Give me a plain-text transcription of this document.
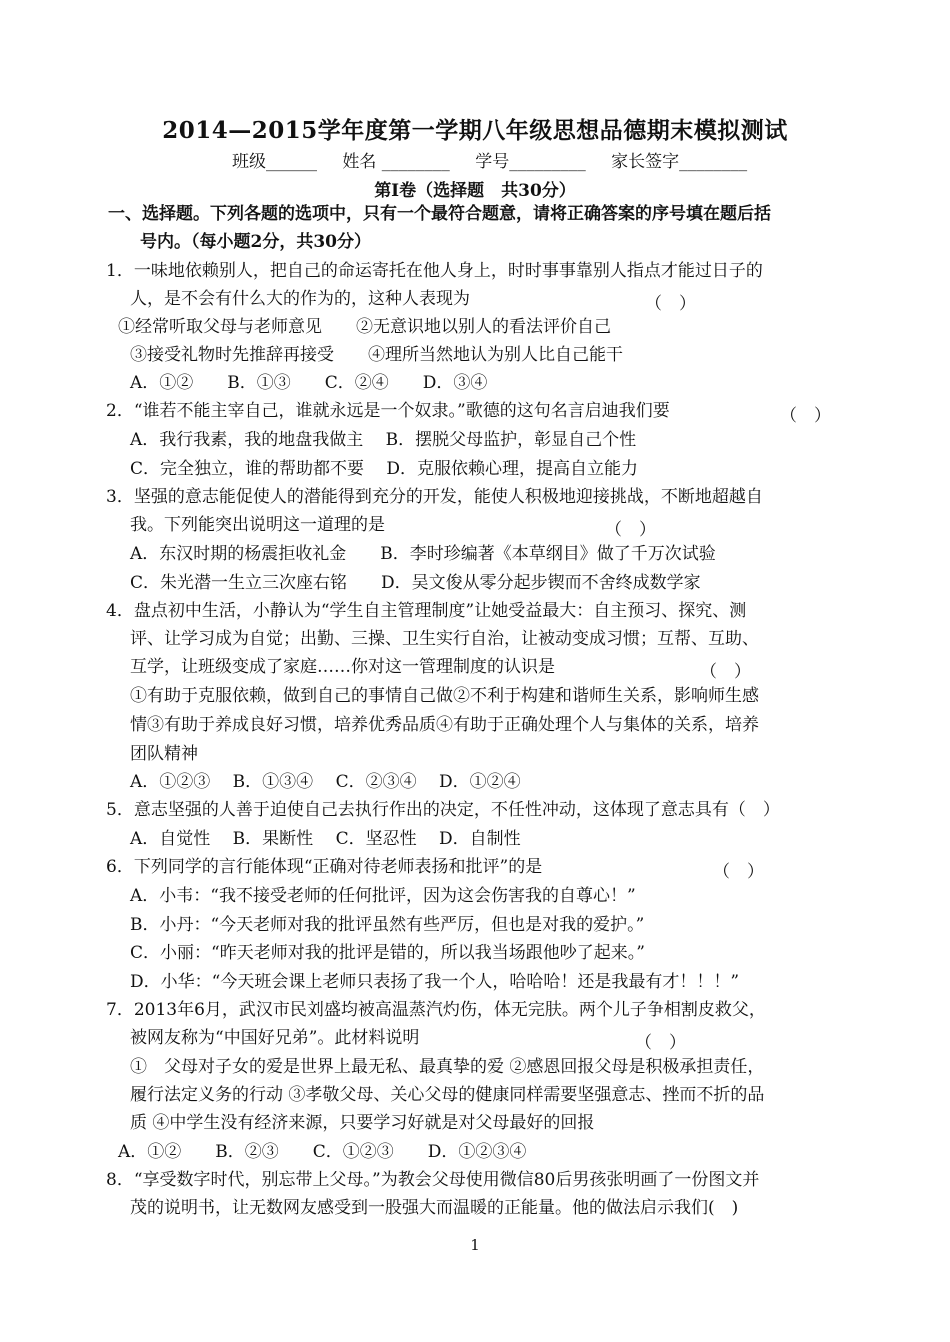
2014—2015学年度第一学期八年级思想品德期末模拟测试
班级______ 姓名 ________ 学号_________ 家长签字________
第Ⅰ卷（选择题　共30分）
一、选择题。下列各题的选项中，只有一个最符合题意，请将正确答案的序号填在题后括
号内。（每小题2分，共30分）
1．一味地依赖别人，把自己的命运寄托在他人身上，时时事事靠别人指点才能过日子的
人，是不会有什么大的作为的，这种人表现为	（　）
①经常听取父母与老师意见　　②无意识地以别人的看法评价自己
③接受礼物时先推辞再接受　　④理所当然地认为别人比自己能干
A．①②　　B．①③　　C．②④　　D．③④
2．“谁若不能主宰自己，谁就永远是一个奴隶。”歌德的这句名言启迪我们要	（　）
A．我行我素，我的地盘我做主　 B．摆脱父母监护，彰显自己个性
C．完全独立，谁的帮助都不要　 D．克服依赖心理，提高自立能力
3．坚强的意志能促使人的潜能得到充分的开发，能使人积极地迎接挑战，不断地超越自
我。下列能突出说明这一道理的是	（　）
A．东汉时期的杨震拒收礼金　　B．李时珍编著《本草纲目》做了千万次试验
C．朱光潜一生立三次座右铭　　D．吴文俊从零分起步锲而不舍终成数学家
4．盘点初中生活，小静认为“学生自主管理制度”让她受益最大：自主预习、探究、测
评、让学习成为自觉；出勤、三操、卫生实行自治，让被动变成习惯；互帮、互助、
互学，让班级变成了家庭……你对这一管理制度的认识是	（　）
①有助于克服依赖，做到自己的事情自己做②不利于构建和谐师生关系，影响师生感
情③有助于养成良好习惯，培养优秀品质④有助于正确处理个人与集体的关系，培养
团队精神
A．①②③　 B．①③④　 C．②③④　 D．①②④
5．意志坚强的人善于迫使自己去执行作出的决定，不任性冲动，这体现了意志具有（　）
A．自觉性　 B．果断性　 C．坚忍性　 D．自制性
6．下列同学的言行能体现“正确对待老师表扬和批评”的是	（　）
A．小韦：“我不接受老师的任何批评，因为这会伤害我的自尊心！”
B．小丹：“今天老师对我的批评虽然有些严厉，但也是对我的爱护。”
C．小丽：“昨天老师对我的批评是错的，所以我当场跟他吵了起来。”
D．小华：“今天班会课上老师只表扬了我一个人，哈哈哈！还是我最有才！！！”
7．2013年6月，武汉市民刘盛均被高温蒸汽灼伤，体无完肤。两个儿子争相割皮救父，
被网友称为“中国好兄弟”。此材料说明	（　）
①　父母对子女的爱是世界上最无私、最真挚的爱 ②感恩回报父母是积极承担责任，
履行法定义务的行动 ③孝敬父母、关心父母的健康同样需要坚强意志、挫而不折的品
质 ④中学生没有经济来源，只要学习好就是对父母最好的回报
A．①②　　B．②③　　C．①②③　　D．①②③④
8．“享受数字时代，别忘带上父母。”为教会父母使用微信80后男孩张明画了一份图文并
茂的说明书，让无数网友感受到一股强大而温暖的正能量。他的做法启示我们(　)
1
